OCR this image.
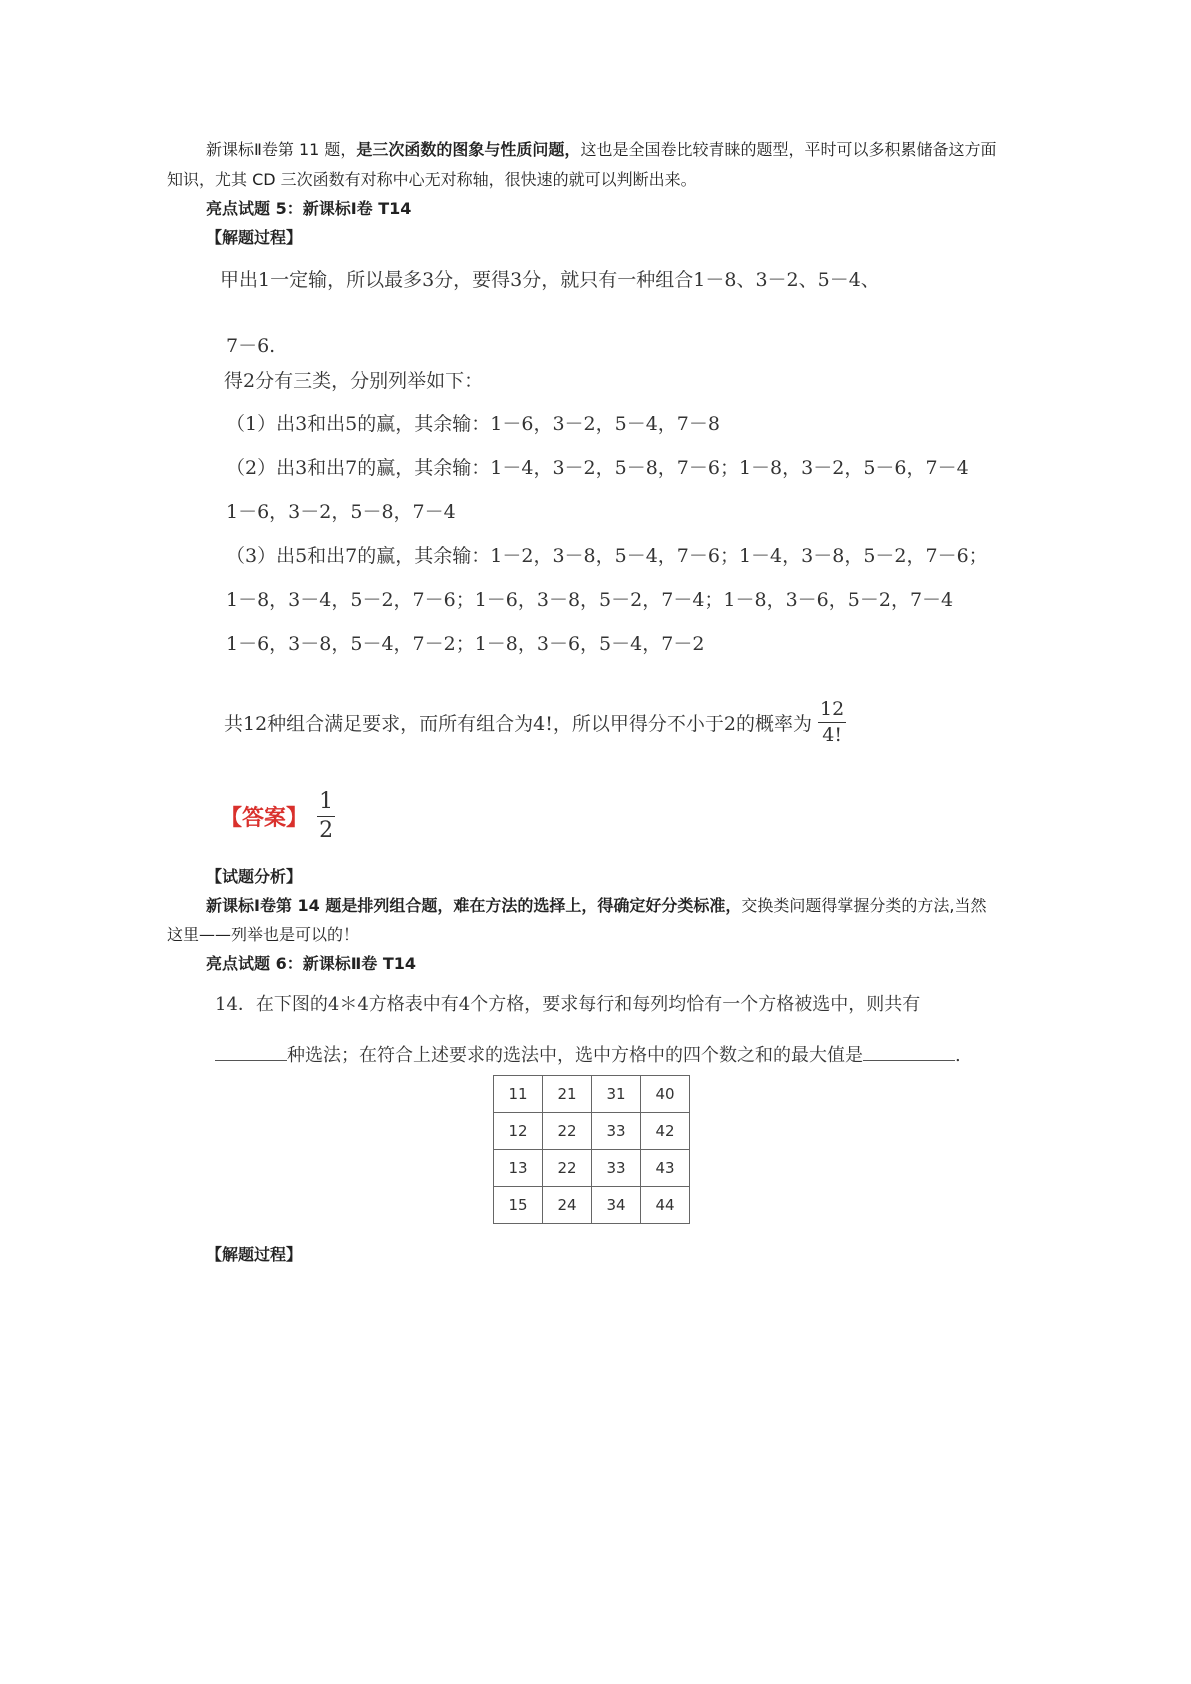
新课标Ⅱ卷第 11 题，是三次函数的图象与性质问题，这也是全国卷比较青睐的题型，平时可以多积累储备这方面
知识，尤其 CD 三次函数有对称中心无对称轴，很快速的就可以判断出来。
亮点试题 5：新课标Ⅰ卷 T14
【解题过程】
甲出1一定输，所以最多3分，要得3分，就只有一种组合1－8、3－2、5－4、
7－6.
得2分有三类，分别列举如下：
（1）出3和出5的赢，其余输：1－6，3－2，5－4，7－8
（2）出3和出7的赢，其余输：1－4，3－2，5－8，7－6；1－8，3－2，5－6，7－4
1－6，3－2，5－8，7－4
（3）出5和出7的赢，其余输：1－2，3－8，5－4，7－6；1－4，3－8，5－2，7－6；
1－8，3－4，5－2，7－6；1－6，3－8，5－2，7－4；1－8，3－6，5－2，7－4
1－6，3－8，5－4，7－2；1－8，3－6，5－4，7－2
共12种组合满足要求，而所有组合为4!，所以甲得分不小于2的概率为 $\frac{12}{4!}$
【答案】 $\frac{1}{2}$
【试题分析】
新课标Ⅰ卷第 14 题是排列组合题，难在方法的选择上，得确定好分类标准，交换类问题得掌握分类的方法,当然
这里——列举也是可以的！
亮点试题 6：新课标Ⅱ卷 T14
14．在下图的4＊4方格表中有4个方格，要求每行和每列均恰有一个方格被选中，则共有
种选法；在符合上述要求的选法中，选中方格中的四个数之和的最大值是	.
11	21	31	40
12	22	33	42
13	22	33	43
15	24	34	44
【解题过程】
